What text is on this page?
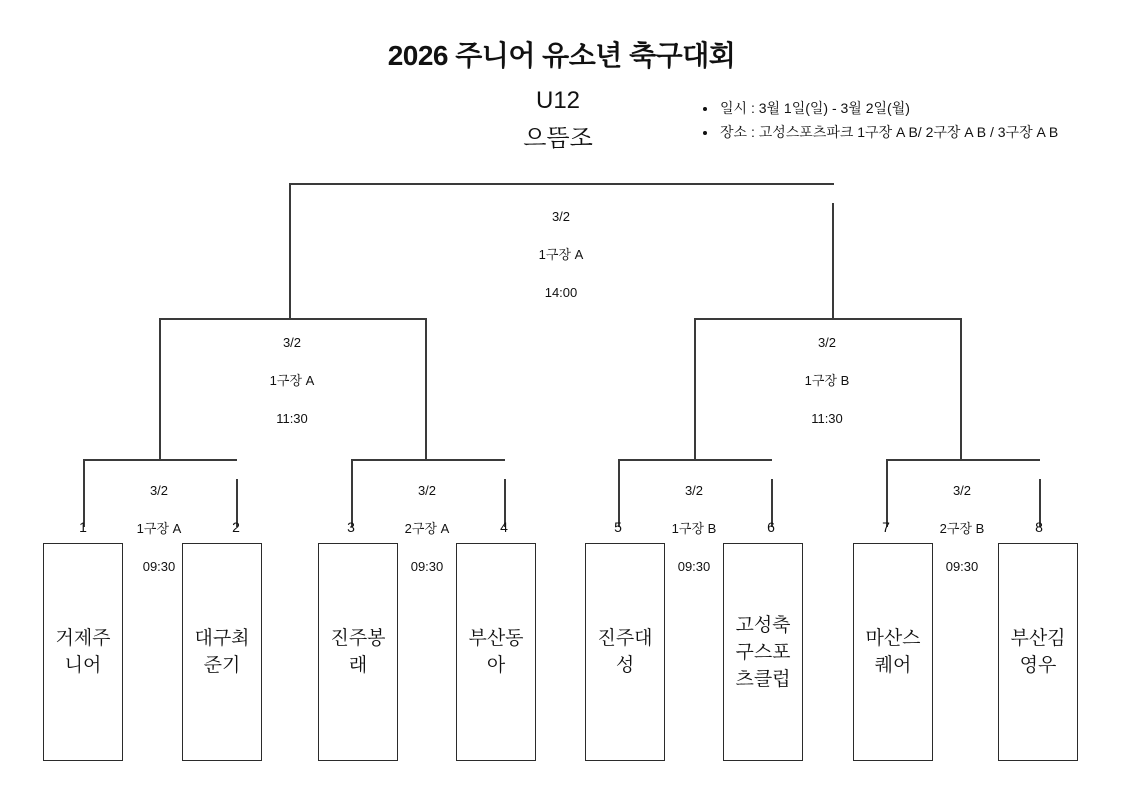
2026 주니어 유소년 축구대회
U12
으뜸조
• 일시 : 3월 1일(일) - 3월 2일(월)
• 장소 : 고성스포츠파크 1구장 A B/ 2구장 A B / 3구장 A B

3/2

1구장 A

14:00

3/2

1구장 A

11:30

3/2

1구장 B

11:30

3/2

1구장 A

09:30

3/2

2구장 A

09:30

3/2

1구장 B

09:30

3/2

2구장 B

09:30

1	2	3	4	5	6	7	8
거제주니어
대구최준기
진주봉래
부산동아
진주대성
고성축구스포츠클럽
마산스퀘어
부산김영우
